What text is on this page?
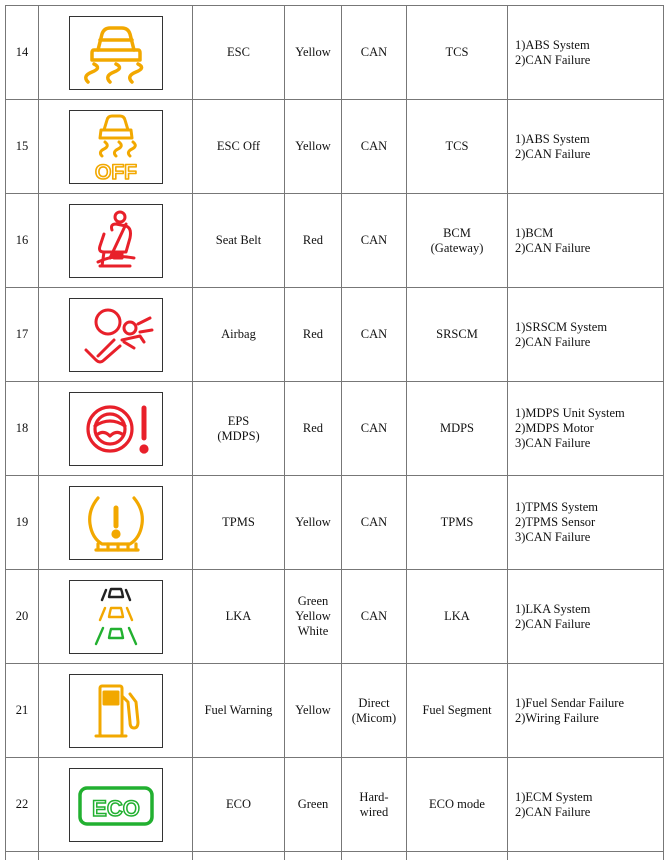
14		ESC	Yellow	CAN	TCS	1)ABS System
2)CAN Failure

15	OFF	ESC Off	Yellow	CAN	TCS	1)ABS System
2)CAN Failure

16		Seat Belt	Red	CAN	BCM
(Gateway)	1)BCM
2)CAN Failure

17		Airbag	Red	CAN	SRSCM	1)SRSCM System
2)CAN Failure

18		EPS
(MDPS)	Red	CAN	MDPS	1)MDPS Unit System
2)MDPS Motor
3)CAN Failure

19		TPMS	Yellow	CAN	TPMS	1)TPMS System
2)TPMS Sensor
3)CAN Failure

20		LKA	Green
Yellow
White	CAN	LKA	1)LKA System
2)CAN Failure

21		Fuel Warning	Yellow	Direct
(Micom)	Fuel Segment	1)Fuel Sendar Failure
2)Wiring Failure

22	ECO	ECO	Green	Hard-
wired	ECO mode	1)ECM System
2)CAN Failure
